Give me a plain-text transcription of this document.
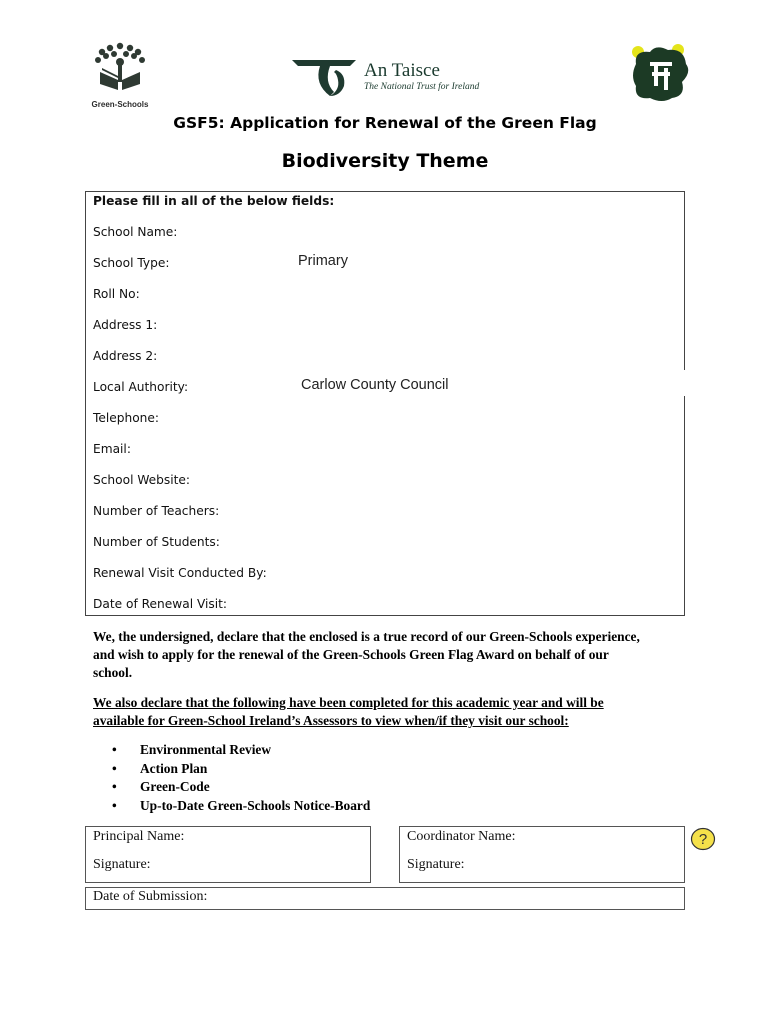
Green-Schools
An Taisce
The National Trust for Ireland
GSF5: Application for Renewal of the Green Flag
Biodiversity Theme
Please fill in all of the below fields:
School Name:
School Type:	Primary
Roll No:
Address 1:
Address 2:
Local Authority:	Carlow County Council
Telephone:
Email:
School Website:
Number of Teachers:
Number of Students:
Renewal Visit Conducted By:
Date of Renewal Visit:
We, the undersigned, declare that the enclosed is a true record of our Green-Schools experience,
and wish to apply for the renewal of the Green-Schools Green Flag Award on behalf of our
school.
We also declare that the following have been completed for this academic year and will be
available for Green-School Ireland’s Assessors to view when/if they visit our school:
• Environmental Review
• Action Plan
• Green-Code
• Up-to-Date Green-Schools Notice-Board
Principal Name:
Signature:
Coordinator Name:
Signature:
Date of Submission:
?
